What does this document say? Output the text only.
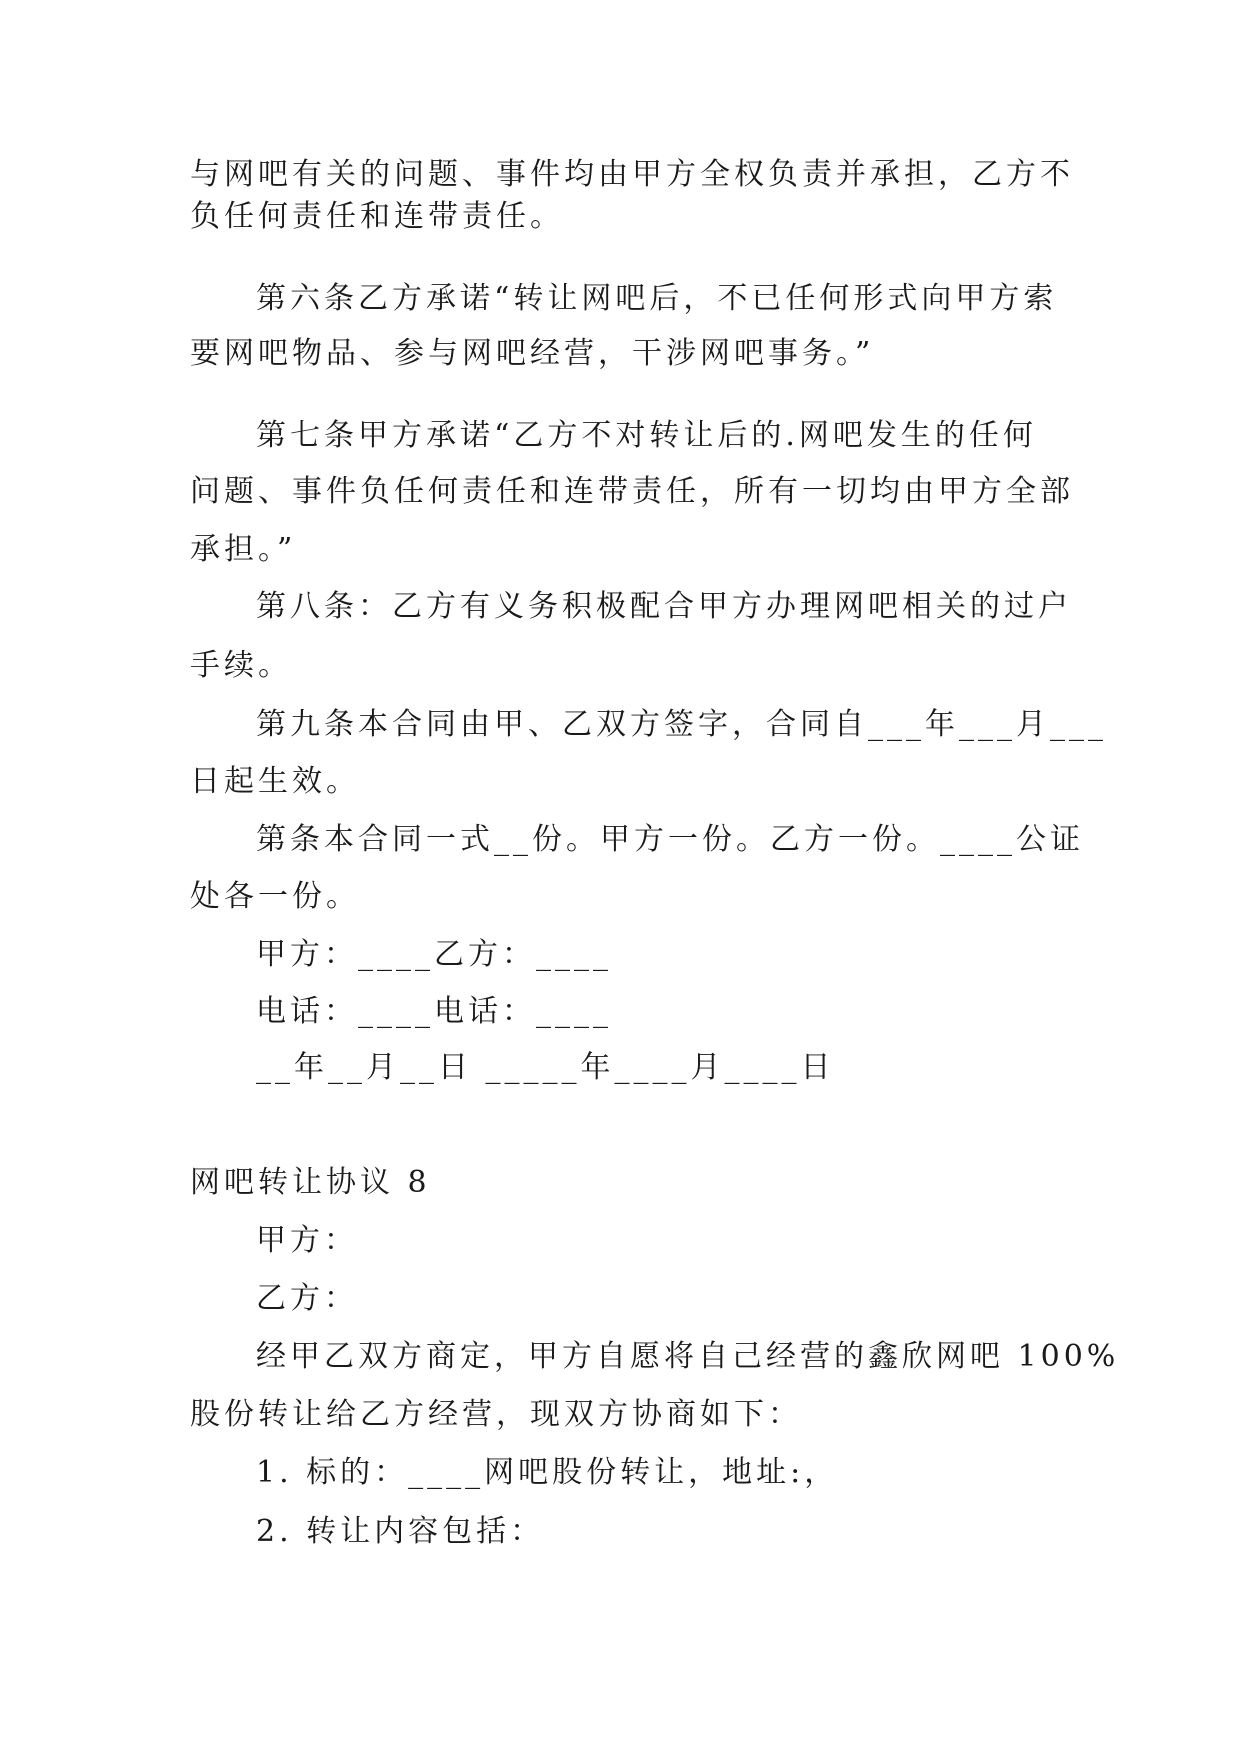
与网吧有关的问题、事件均由甲方全权负责并承担，乙方不

负任何责任和连带责任。

第六条乙方承诺“转让网吧后，不已任何形式向甲方索

要网吧物品、参与网吧经营，干涉网吧事务。”

第七条甲方承诺“乙方不对转让后的.网吧发生的任何

问题、事件负任何责任和连带责任，所有一切均由甲方全部

承担。”

第八条：乙方有义务积极配合甲方办理网吧相关的过户

手续。

第九条本合同由甲、乙双方签字，合同自___年___月___

日起生效。

第条本合同一式__份。甲方一份。乙方一份。____公证

处各一份。

甲方：____乙方：____

电话：____电话：____

__年__月__日 _____年____月____日

网吧转让协议 8

甲方：

乙方：

经甲乙双方商定，甲方自愿将自己经营的鑫欣网吧 100%

股份转让给乙方经营，现双方协商如下：

1. 标的：____网吧股份转让，地址:，

2. 转让内容包括：
